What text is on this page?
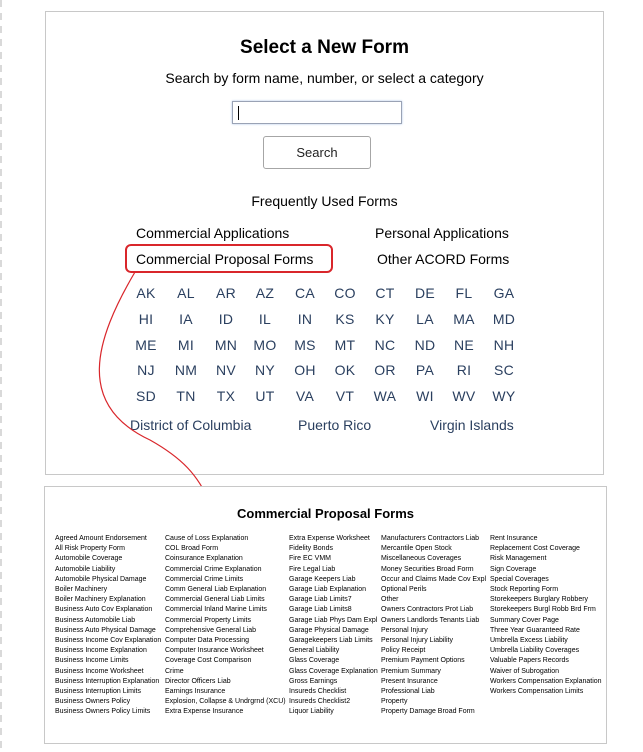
Select a New Form
Search by form name, number, or select a category
Search
Frequently Used Forms
Commercial Applications	Personal Applications
Commercial Proposal Forms	Other ACORD Forms
AK	AL	AR	AZ	CA	CO	CT	DE	FL	GA
HI	IA	ID	IL	IN	KS	KY	LA	MA	MD
ME	MI	MN	MO	MS	MT	NC	ND	NE	NH
NJ	NM	NV	NY	OH	OK	OR	PA	RI	SC
SD	TN	TX	UT	VA	VT	WA	WI	WV	WY
District of Columbia	Puerto Rico	Virgin Islands
Commercial Proposal Forms
Agreed Amount Endorsement
All Risk Property Form
Automobile Coverage
Automobile Liability
Automobile Physical Damage
Boiler Machinery
Boiler Machinery Explanation
Business Auto Cov Explanation
Business Automobile Liab
Business Auto Physical Damage
Business Income Cov Explanation
Business Income Explanation
Business Income Limits
Business Income Worksheet
Business Interruption Explanation
Business Interruption Limits
Business Owners Policy
Business Owners Policy Limits
Cause of Loss Explanation
COL Broad Form
Coinsurance Explanation
Commercial Crime Explanation
Commercial Crime Limits
Comm General Liab Explanation
Commercial General Liab Limits
Commercial Inland Marine Limits
Commercial Property Limits
Comprehensive General Liab
Computer Data Processing
Computer Insurance Worksheet
Coverage Cost Comparison
Crime
Director Officers Liab
Earnings Insurance
Explosion, Collapse & Undrgrnd (XCU)
Extra Expense Insurance
Extra Expense Worksheet
Fidelity Bonds
Fire EC VMM
Fire Legal Liab
Garage Keepers Liab
Garage Liab Explanation
Garage Liab Limits7
Garage Liab Limits8
Garage Liab Phys Dam Expl
Garage Physical Damage
Garagekeepers Liab Limits
General Liability
Glass Coverage
Glass Coverage Explanation
Gross Earnings
Insureds Checklist
Insureds Checklist2
Liquor Liability
Manufacturers Contractors Liab
Mercantile Open Stock
Miscellaneous Coverages
Money Securities Broad Form
Occur and Claims Made Cov Expl
Optional Perils
Other
Owners Contractors Prot Liab
Owners Landlords Tenants Liab
Personal Injury
Personal Injury Liability
Policy Receipt
Premium Payment Options
Premium Summary
Present Insurance
Professional Liab
Property
Property Damage Broad Form
Rent Insurance
Replacement Cost Coverage
Risk Management
Sign Coverage
Special Coverages
Stock Reporting Form
Storekeepers Burglary Robbery
Storekeepers Burgl Robb Brd Frm
Summary Cover Page
Three Year Guaranteed Rate
Umbrella Excess Liability
Umbrella Liability Coverages
Valuable Papers Records
Waiver of Subrogation
Workers Compensation Explanation
Workers Compensation Limits
